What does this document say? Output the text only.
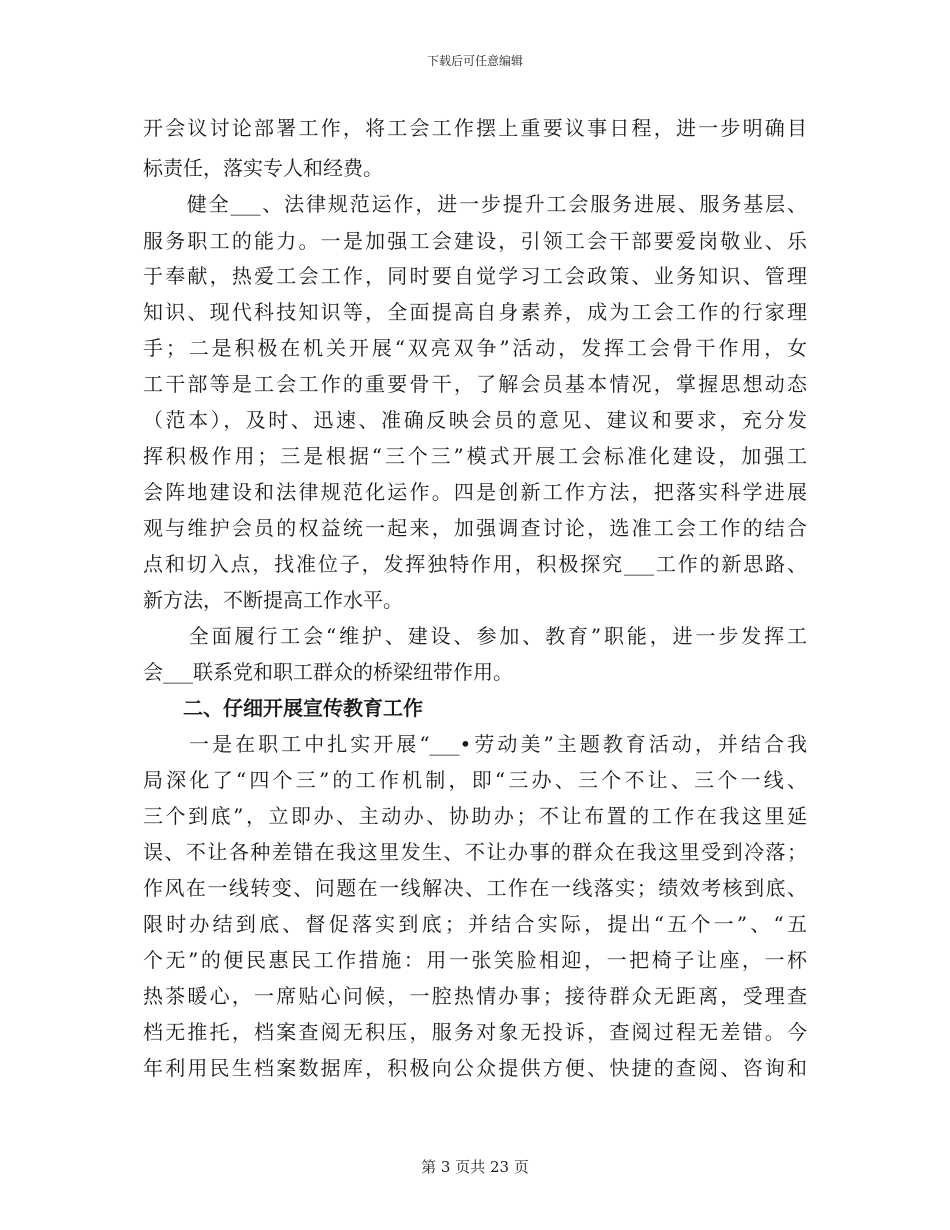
下载后可任意编辑
开会议讨论部署工作，将工会工作摆上重要议事日程，进一步明确目
标责任，落实专人和经费。
　　健全___、法律规范运作，进一步提升工会服务进展、服务基层、
服务职工的能力。一是加强工会建设，引领工会干部要爱岗敬业、乐
于奉献，热爱工会工作，同时要自觉学习工会政策、业务知识、管理
知识、现代科技知识等，全面提高自身素养，成为工会工作的行家理
手；二是积极在机关开展“双亮双争”活动，发挥工会骨干作用，女
工干部等是工会工作的重要骨干，了解会员基本情况，掌握思想动态
（范本），及时、迅速、准确反映会员的意见、建议和要求，充分发
挥积极作用；三是根据“三个三”模式开展工会标准化建设，加强工
会阵地建设和法律规范化运作。四是创新工作方法，把落实科学进展
观与维护会员的权益统一起来，加强调查讨论，选准工会工作的结合
点和切入点，找准位子，发挥独特作用，积极探究___工作的新思路、
新方法，不断提高工作水平。
　　全面履行工会“维护、建设、参加、教育”职能，进一步发挥工
会___联系党和职工群众的桥梁纽带作用。
　　二、仔细开展宣传教育工作
　　一是在职工中扎实开展“___•劳动美”主题教育活动，并结合我
局深化了“四个三”的工作机制，即“三办、三个不让、三个一线、
三个到底”，立即办、主动办、协助办；不让布置的工作在我这里延
误、不让各种差错在我这里发生、不让办事的群众在我这里受到冷落；
作风在一线转变、问题在一线解决、工作在一线落实；绩效考核到底、
限时办结到底、督促落实到底；并结合实际，提出“五个一”、“五
个无”的便民惠民工作措施：用一张笑脸相迎，一把椅子让座，一杯
热茶暖心，一席贴心问候，一腔热情办事；接待群众无距离，受理查
档无推托，档案查阅无积压，服务对象无投诉，查阅过程无差错。今
年利用民生档案数据库，积极向公众提供方便、快捷的查阅、咨询和
第 3 页共 23 页
